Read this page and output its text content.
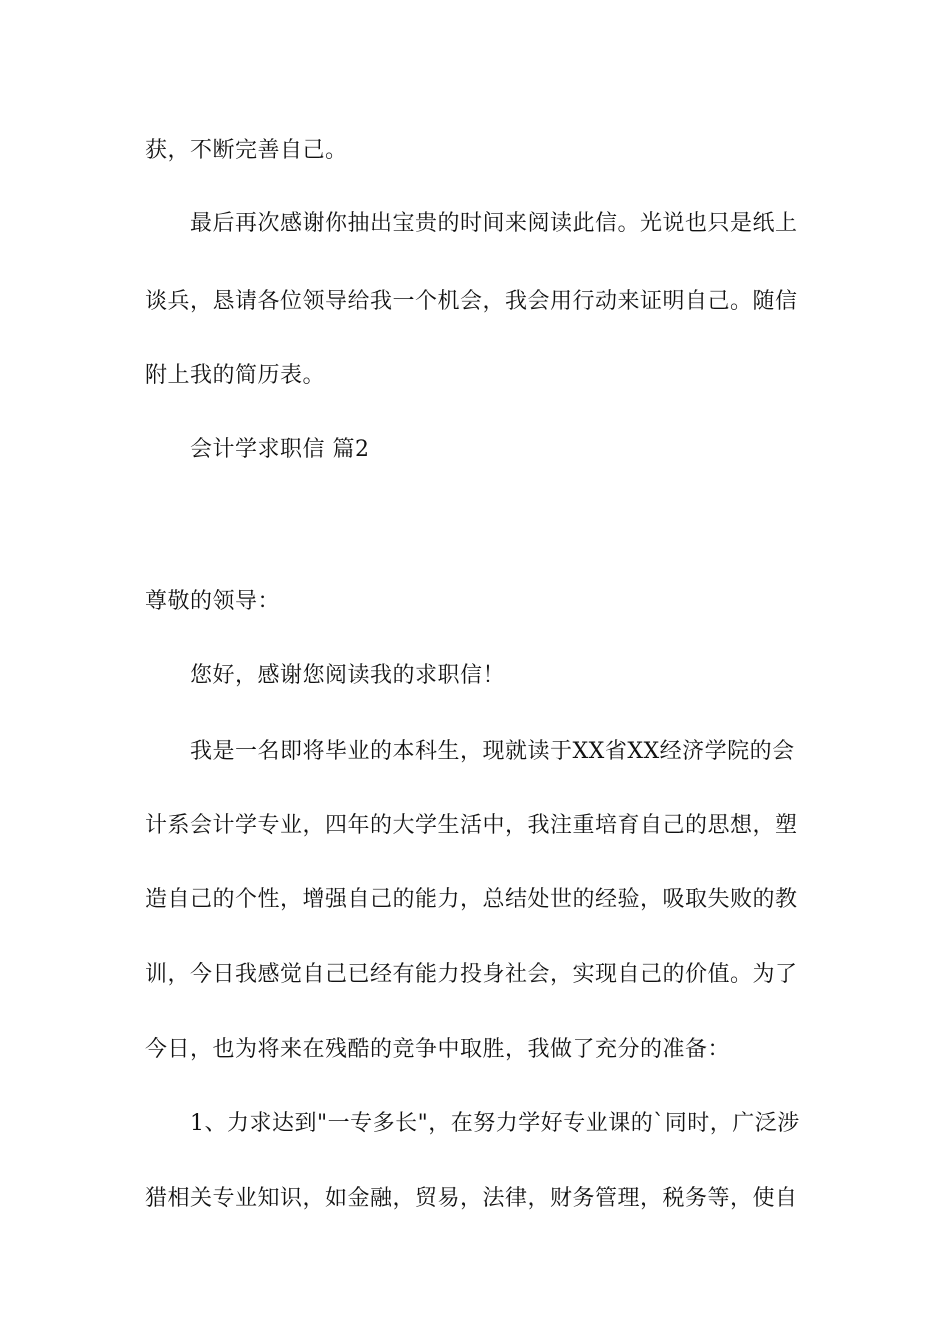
获，不断完善自己。
最后再次感谢你抽出宝贵的时间来阅读此信。光说也只是纸上
谈兵，恳请各位领导给我一个机会，我会用行动来证明自己。随信
附上我的简历表。
会计学求职信 篇2
尊敬的领导：
您好，感谢您阅读我的求职信！
我是一名即将毕业的本科生，现就读于XX省XX经济学院的会
计系会计学专业，四年的大学生活中，我注重培育自己的思想，塑
造自己的个性，增强自己的能力，总结处世的经验，吸取失败的教
训，今日我感觉自己已经有能力投身社会，实现自己的价值。为了
今日，也为将来在残酷的竞争中取胜，我做了充分的准备：
1、力求达到"一专多长"，在努力学好专业课的`同时，广泛涉
猎相关专业知识，如金融，贸易，法律，财务管理，税务等，使自
